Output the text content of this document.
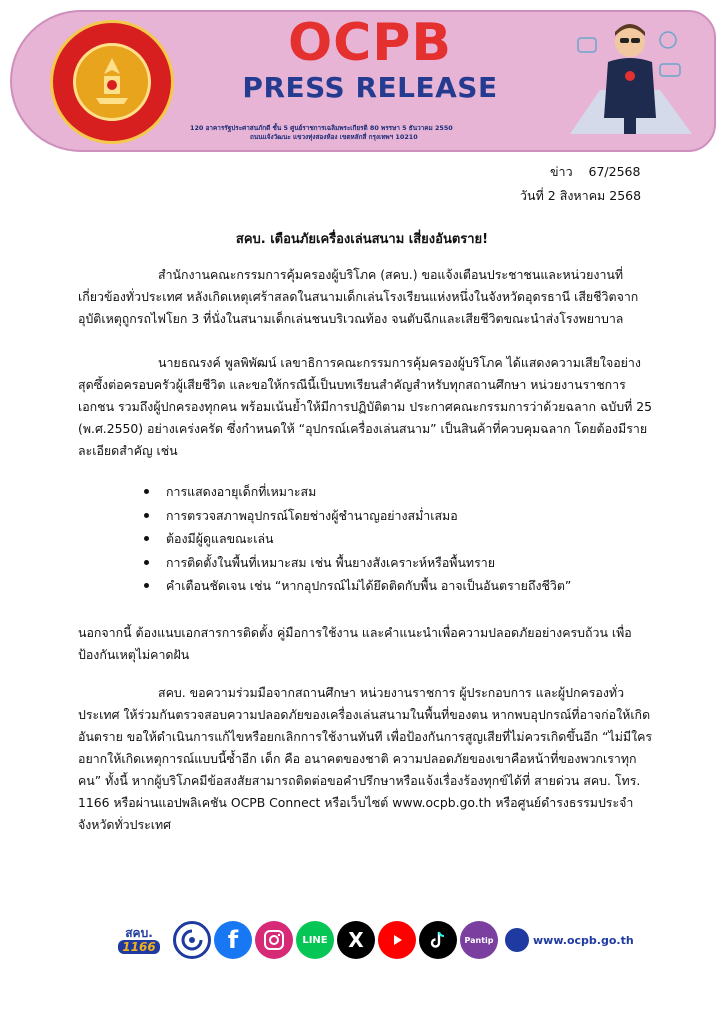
OCPB
PRESS RELEASE
120 อาคารรัฐประศาสนภักดี ชั้น 5 ศูนย์ราชการเฉลิมพระเกียรติ 80 พรรษา 5 ธันวาคม 2550
ถนนแจ้งวัฒนะ แขวงทุ่งสองห้อง เขตหลักสี่ กรุงเทพฯ 10210
ข่าว 67/2568
วันที่ 2 สิงหาคม 2568
สคบ. เตือนภัยเครื่องเล่นสนาม เสี่ยงอันตราย!

สำนักงานคณะกรรมการคุ้มครองผู้บริโภค (สคบ.) ขอแจ้งเตือนประชาชนและหน่วยงานที่เกี่ยวข้องทั่วประเทศ หลังเกิดเหตุเศร้าสลดในสนามเด็กเล่นโรงเรียนแห่งหนึ่งในจังหวัดอุดรธานี เสียชีวิตจากอุบัติเหตุถูกรถไฟโยก 3 ที่นั่งในสนามเด็กเล่นชนบริเวณท้อง จนตับฉีกและเสียชีวิตขณะนำส่งโรงพยาบาล

นายธณรงค์ พูลพิพัฒน์ เลขาธิการคณะกรรมการคุ้มครองผู้บริโภค ได้แสดงความเสียใจอย่างสุดซึ้งต่อครอบครัวผู้เสียชีวิต และขอให้กรณีนี้เป็นบทเรียนสำคัญสำหรับทุกสถานศึกษา หน่วยงานราชการ เอกชน รวมถึงผู้ปกครองทุกคน พร้อมเน้นย้ำให้มีการปฏิบัติตาม ประกาศคณะกรรมการว่าด้วยฉลาก ฉบับที่ 25 (พ.ศ.2550) อย่างเคร่งครัด ซึ่งกำหนดให้ “อุปกรณ์เครื่องเล่นสนาม” เป็นสินค้าที่ควบคุมฉลาก โดยต้องมีรายละเอียดสำคัญ เช่น

การแสดงอายุเด็กที่เหมาะสม
การตรวจสภาพอุปกรณ์โดยช่างผู้ชำนาญอย่างสม่ำเสมอ
ต้องมีผู้ดูแลขณะเล่น
การติดตั้งในพื้นที่เหมาะสม เช่น พื้นยางสังเคราะห์หรือพื้นทราย
คำเตือนชัดเจน เช่น “หากอุปกรณ์ไม่ได้ยึดติดกับพื้น อาจเป็นอันตรายถึงชีวิต”

นอกจากนี้ ต้องแนบเอกสารการติดตั้ง คู่มือการใช้งาน และคำแนะนำเพื่อความปลอดภัยอย่างครบถ้วน เพื่อป้องกันเหตุไม่คาดฝัน

สคบ. ขอความร่วมมือจากสถานศึกษา หน่วยงานราชการ ผู้ประกอบการ และผู้ปกครองทั่วประเทศ ให้ร่วมกันตรวจสอบความปลอดภัยของเครื่องเล่นสนามในพื้นที่ของตน หากพบอุปกรณ์ที่อาจก่อให้เกิดอันตราย ขอให้ดำเนินการแก้ไขหรือยกเลิกการใช้งานทันที เพื่อป้องกันการสูญเสียที่ไม่ควรเกิดขึ้นอีก “ไม่มีใครอยากให้เกิดเหตุการณ์แบบนี้ซ้ำอีก เด็ก คือ อนาคตของชาติ ความปลอดภัยของเขาคือหน้าที่ของพวกเราทุกคน” ทั้งนี้ หากผู้บริโภคมีข้อสงสัยสามารถติดต่อขอคำปรึกษาหรือแจ้งเรื่องร้องทุกข์ได้ที่ สายด่วน สคบ. โทร. 1166 หรือผ่านแอปพลิเคชัน OCPB Connect หรือเว็บไซต์ www.ocpb.go.th หรือศูนย์ดำรงธรรมประจำจังหวัดทั่วประเทศ

สคบ.
1166	f	LINE	X	Pantip	www.ocpb.go.th
